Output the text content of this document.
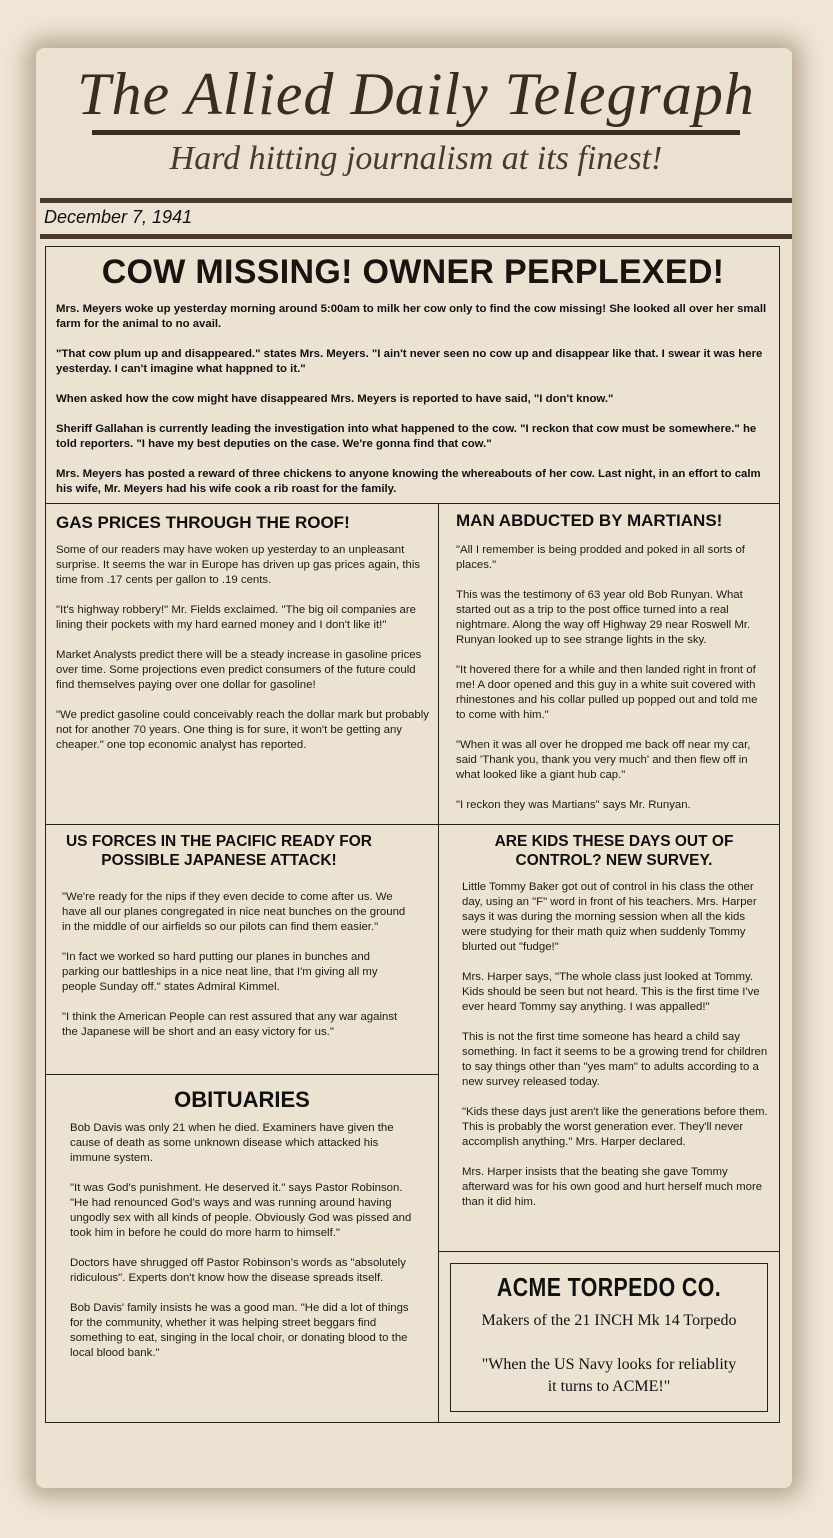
The Allied Daily Telegraph
Hard hitting journalism at its finest!
December 7, 1941
COW MISSING! OWNER PERPLEXED!

Mrs. Meyers woke up yesterday morning around 5:00am to milk her cow only to find the cow missing! She looked all over her small farm for the animal to no avail.

"That cow plum up and disappeared." states Mrs. Meyers. "I ain't never seen no cow up and disappear like that. I swear it was here yesterday. I can't imagine what happned to it."

When asked how the cow might have disappeared Mrs. Meyers is reported to have said, "I don't know."

Sheriff Gallahan is currently leading the investigation into what happened to the cow. "I reckon that cow must be somewhere." he told reporters. "I have my best deputies on the case. We're gonna find that cow."

Mrs. Meyers has posted a reward of three chickens to anyone knowing the whereabouts of her cow. Last night, in an effort to calm his wife, Mr. Meyers had his wife cook a rib roast for the family.

GAS PRICES THROUGH THE ROOF!

Some of our readers may have woken up yesterday to an unpleasant surprise. It seems the war in Europe has driven up gas prices again, this time from .17 cents per gallon to .19 cents.

"It's highway robbery!" Mr. Fields exclaimed. "The big oil companies are lining their pockets with my hard earned money and I don't like it!"

Market Analysts predict there will be a steady increase in gasoline prices over time. Some projections even predict consumers of the future could find themselves paying over one dollar for gasoline!

"We predict gasoline could conceivably reach the dollar mark but probably not for another 70 years. One thing is for sure, it won't be getting any cheaper." one top economic analyst has reported.

MAN ABDUCTED BY MARTIANS!

"All I remember is being prodded and poked in all sorts of places."

This was the testimony of 63 year old Bob Runyan. What started out as a trip to the post office turned into a real nightmare. Along the way off Highway 29 near Roswell Mr. Runyan looked up to see strange lights in the sky.

"It hovered there for a while and then landed right in front of me! A door opened and this guy in a white suit covered with rhinestones and his collar pulled up popped out and told me to come with him."

"When it was all over he dropped me back off near my car, said 'Thank you, thank you very much' and then flew off in what looked like a giant hub cap."

"I reckon they was Martians" says Mr. Runyan.

US FORCES IN THE PACIFIC READY FOR POSSIBLE JAPANESE ATTACK!

"We're ready for the nips if they even decide to come after us. We have all our planes congregated in nice neat bunches on the ground in the middle of our airfields so our pilots can find them easier."

"In fact we worked so hard putting our planes in bunches and parking our battleships in a nice neat line, that I'm giving all my people Sunday off." states Admiral Kimmel.

"I think the American People can rest assured that any war against the Japanese will be short and an easy victory for us."

ARE KIDS THESE DAYS OUT OF CONTROL? NEW SURVEY.

Little Tommy Baker got out of control in his class the other day, using an "F" word in front of his teachers. Mrs. Harper says it was during the morning session when all the kids were studying for their math quiz when suddenly Tommy blurted out "fudge!"

Mrs. Harper says, "The whole class just looked at Tommy. Kids should be seen but not heard. This is the first time I've ever heard Tommy say anything. I was appalled!"

This is not the first time someone has heard a child say something. In fact it seems to be a growing trend for children to say things other than "yes mam" to adults according to a new survey released today.

"Kids these days just aren't like the generations before them. This is probably the worst generation ever. They'll never accomplish anything." Mrs. Harper declared.

Mrs. Harper insists that the beating she gave Tommy afterward was for his own good and hurt herself much more than it did him.

OBITUARIES

Bob Davis was only 21 when he died. Examiners have given the cause of death as some unknown disease which attacked his immune system.

"It was God's punishment. He deserved it." says Pastor Robinson. "He had renounced God's ways and was running around having ungodly sex with all kinds of people. Obviously God was pissed and took him in before he could do more harm to himself."

Doctors have shrugged off Pastor Robinson's words as "absolutely ridiculous". Experts don't know how the disease spreads itself.

Bob Davis' family insists he was a good man. "He did a lot of things for the community, whether it was helping street beggars find something to eat, singing in the local choir, or donating blood to the local blood bank."

ACME TORPEDO CO.
Makers of the 21 INCH Mk 14 Torpedo
"When the US Navy looks for reliablity
it turns to ACME!"
